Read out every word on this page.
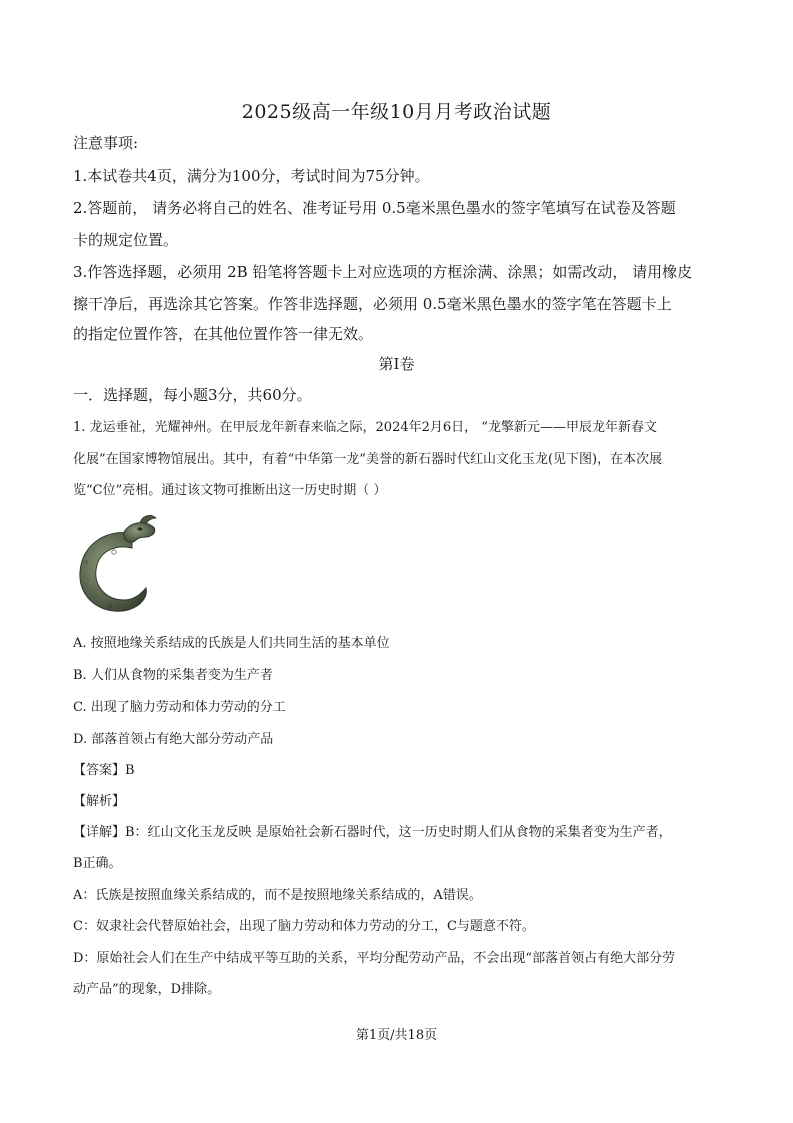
2025级高一年级10月月考政治试题
注意事项:
1.本试卷共4页，满分为100分，考试时间为75分钟。
2.答题前， 请务必将自己的姓名、准考证号用 0.5毫米黑色墨水的签字笔填写在试卷及答题
卡的规定位置。
3.作答选择题，必须用 2B 铅笔将答题卡上对应选项的方框涂满、涂黑；如需改动， 请用橡皮
擦干净后，再选涂其它答案。作答非选择题，必须用 0.5毫米黑色墨水的签字笔在答题卡上
的指定位置作答，在其他位置作答一律无效。
第Ⅰ卷
一．选择题，每小题3分，共60分。
1. 龙运垂祉，光耀神州。在甲辰龙年新春来临之际，2024年2月6日， “龙擎新元——甲辰龙年新春文
化展”在国家博物馆展出。其中，有着“中华第一龙”美誉的新石器时代红山文化玉龙(见下图)，在本次展
览“C位”亮相。通过该文物可推断出这一历史时期（ ）
A. 按照地缘关系结成的氏族是人们共同生活的基本单位
B. 人们从食物的采集者变为生产者
C. 出现了脑力劳动和体力劳动的分工
D. 部落首领占有绝大部分劳动产品
【答案】B
【解析】
【详解】B：红山文化玉龙反映 是原始社会新石器时代，这一历史时期人们从食物的采集者变为生产者，
B正确。
A：氏族是按照血缘关系结成的，而不是按照地缘关系结成的，A错误。
C：奴隶社会代替原始社会，出现了脑力劳动和体力劳动的分工，C与题意不符。
D：原始社会人们在生产中结成平等互助的关系，平均分配劳动产品，不会出现“部落首领占有绝大部分劳
动产品”的现象，D排除。
第1页/共18页
